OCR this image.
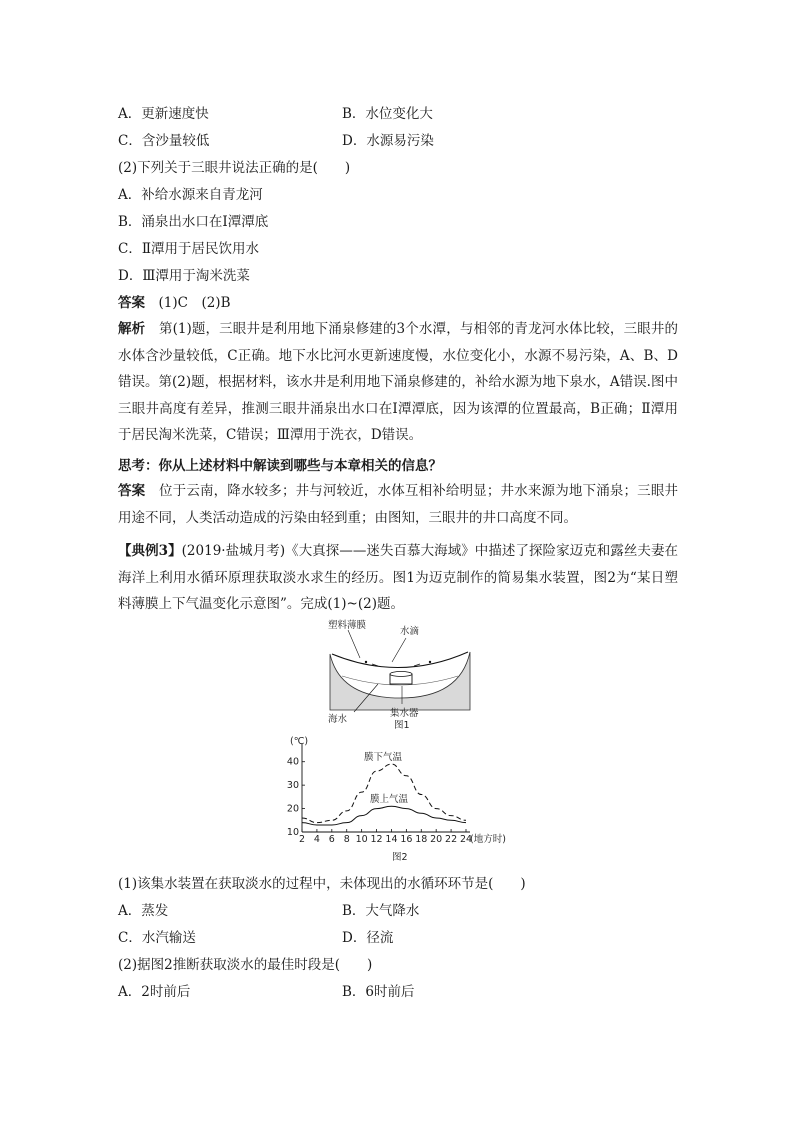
A．更新速度快	B．水位变化大
C．含沙量较低	D．水源易污染
(2)下列关于三眼井说法正确的是(　　)
A．补给水源来自青龙河
B．涌泉出水口在Ⅰ潭潭底
C．Ⅱ潭用于居民饮用水
D．Ⅲ潭用于淘米洗菜
答案　 (1)C　(2)B
解析　 第(1)题，三眼井是利用地下涌泉修建的3个水潭，与相邻的青龙河水体比较，三眼井的水体含沙量较低，C正确。地下水比河水更新速度慢，水位变化小，水源不易污染，A、B、D错误。第(2)题，根据材料，该水井是利用地下涌泉修建的，补给水源为地下泉水，A错误.图中三眼井高度有差异，推测三眼井涌泉出水口在Ⅰ潭潭底，因为该潭的位置最高，B正确；Ⅱ潭用于居民淘米洗菜，C错误；Ⅲ潭用于洗衣，D错误。
思考：你从上述材料中解读到哪些与本章相关的信息？
答案　 位于云南，降水较多；井与河较近，水体互相补给明显；井水来源为地下涌泉；三眼井用途不同，人类活动造成的污染由轻到重；由图知，三眼井的井口高度不同。
【典例3】(2019·盐城月考)《大真探——迷失百慕大海域》中描述了探险家迈克和露丝夫妻在海洋上利用水循环原理获取淡水求生的经历。图1为迈克制作的简易集水装置，图2为“某日塑料薄膜上下气温变化示意图”。完成(1)~(2)题。
塑料薄膜
水滴
海水
集水器
图1
10
20
30
40
2 4 6 8 10 12 14 16 18 20 22 24
(℃)
(地方时)
膜下气温
膜上气温
图2
(1)该集水装置在获取淡水的过程中，未体现出的水循环环节是(　　)
A．蒸发	B．大气降水
C．水汽输送	D．径流
(2)据图2推断获取淡水的最佳时段是(　　)
A．2时前后	B．6时前后
